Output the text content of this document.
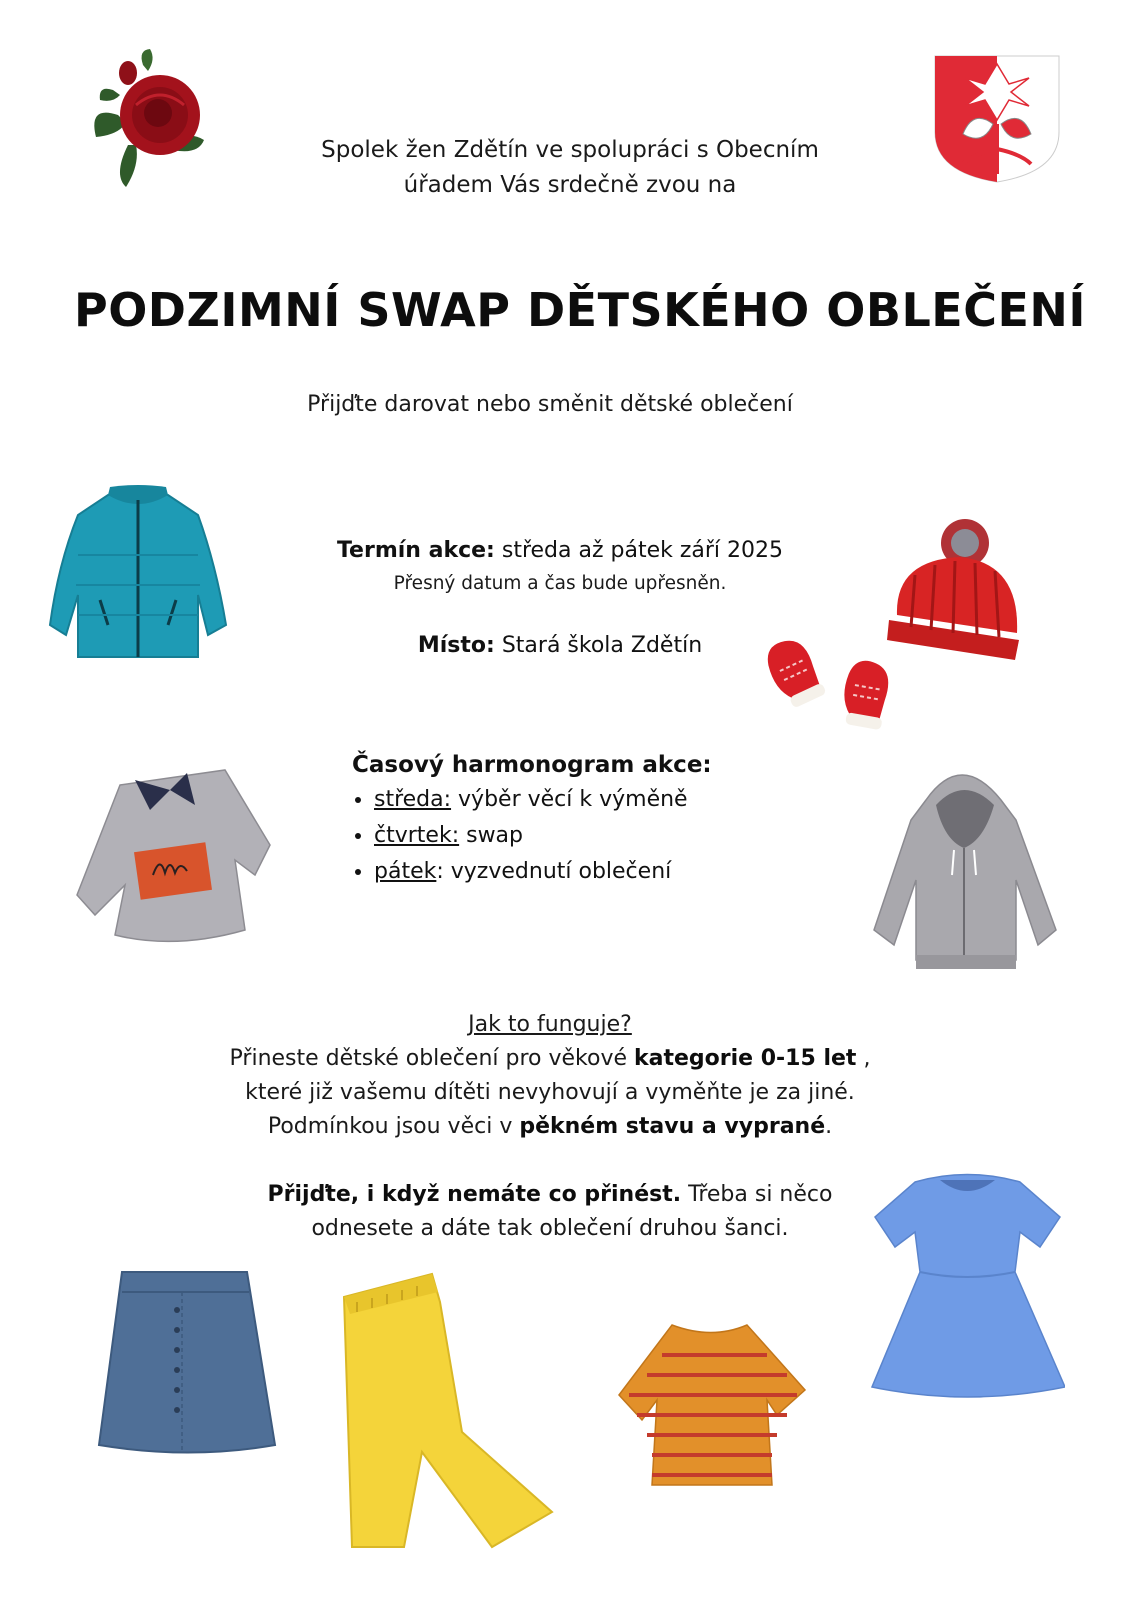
Spolek žen Zdětín ve spolupráci s Obecním
úřadem Vás srdečně zvou na
PODZIMNÍ SWAP DĚTSKÉHO OBLEČENÍ
Přijďte darovat nebo směnit dětské oblečení
Termín akce: středa až pátek září 2025
Přesný datum a čas bude upřesněn.
Místo: Stará škola Zdětín
Časový harmonogram akce:
• středa: výběr věcí k výměně
• čtvrtek: swap
• pátek: vyzvednutí oblečení
Jak to funguje?
Přineste dětské oblečení pro věkové kategorie 0-15 let ,
které již vašemu dítěti nevyhovují a vyměňte je za jiné.
Podmínkou jsou věci v pěkném stavu a vyprané.
Přijďte, i když nemáte co přinést. Třeba si něco
odnesete a dáte tak oblečení druhou šanci.
